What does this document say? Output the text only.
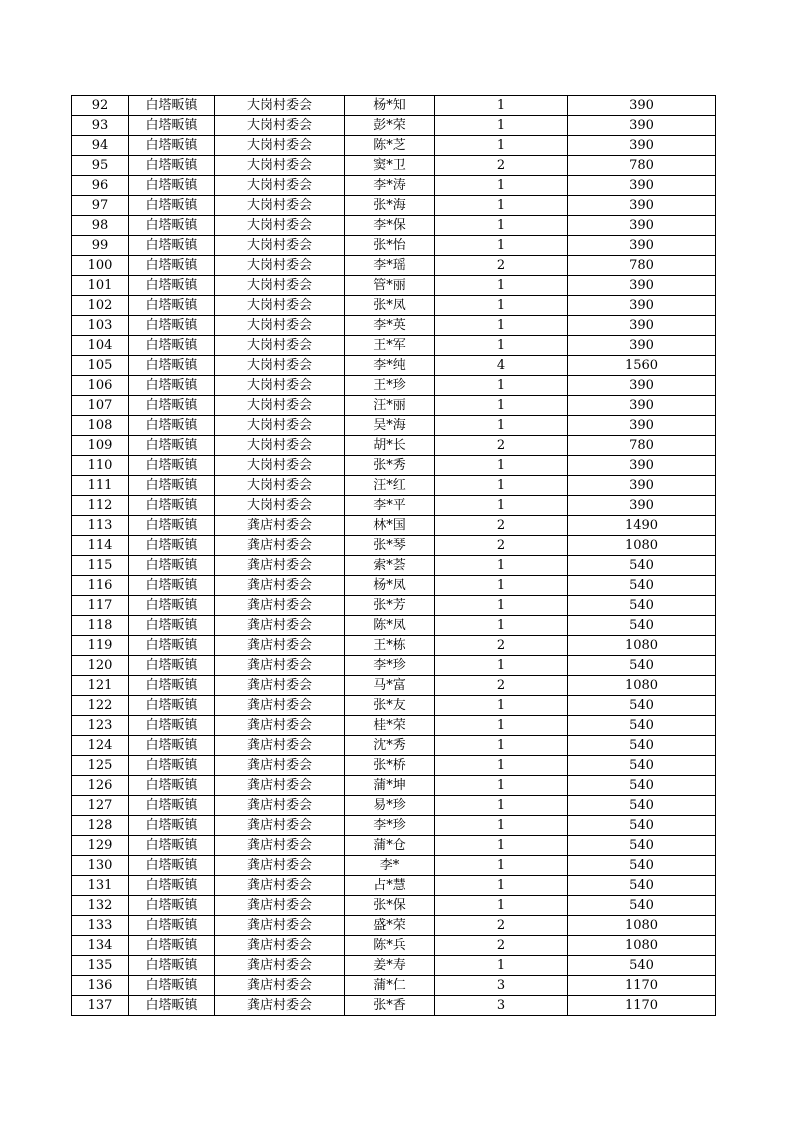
92	白塔畈镇	大岗村委会	杨*知	1	390
93	白塔畈镇	大岗村委会	彭*荣	1	390
94	白塔畈镇	大岗村委会	陈*芝	1	390
95	白塔畈镇	大岗村委会	窦*卫	2	780
96	白塔畈镇	大岗村委会	李*涛	1	390
97	白塔畈镇	大岗村委会	张*海	1	390
98	白塔畈镇	大岗村委会	李*保	1	390
99	白塔畈镇	大岗村委会	张*怡	1	390
100	白塔畈镇	大岗村委会	李*瑶	2	780
101	白塔畈镇	大岗村委会	管*丽	1	390
102	白塔畈镇	大岗村委会	张*凤	1	390
103	白塔畈镇	大岗村委会	李*英	1	390
104	白塔畈镇	大岗村委会	王*军	1	390
105	白塔畈镇	大岗村委会	李*纯	4	1560
106	白塔畈镇	大岗村委会	王*珍	1	390
107	白塔畈镇	大岗村委会	汪*丽	1	390
108	白塔畈镇	大岗村委会	吴*海	1	390
109	白塔畈镇	大岗村委会	胡*长	2	780
110	白塔畈镇	大岗村委会	张*秀	1	390
111	白塔畈镇	大岗村委会	汪*红	1	390
112	白塔畈镇	大岗村委会	李*平	1	390
113	白塔畈镇	龚店村委会	林*国	2	1490
114	白塔畈镇	龚店村委会	张*琴	2	1080
115	白塔畈镇	龚店村委会	索*荟	1	540
116	白塔畈镇	龚店村委会	杨*凤	1	540
117	白塔畈镇	龚店村委会	张*芳	1	540
118	白塔畈镇	龚店村委会	陈*凤	1	540
119	白塔畈镇	龚店村委会	王*栋	2	1080
120	白塔畈镇	龚店村委会	李*珍	1	540
121	白塔畈镇	龚店村委会	马*富	2	1080
122	白塔畈镇	龚店村委会	张*友	1	540
123	白塔畈镇	龚店村委会	桂*荣	1	540
124	白塔畈镇	龚店村委会	沈*秀	1	540
125	白塔畈镇	龚店村委会	张*桥	1	540
126	白塔畈镇	龚店村委会	蒲*坤	1	540
127	白塔畈镇	龚店村委会	易*珍	1	540
128	白塔畈镇	龚店村委会	李*珍	1	540
129	白塔畈镇	龚店村委会	蒲*仓	1	540
130	白塔畈镇	龚店村委会	李*	1	540
131	白塔畈镇	龚店村委会	占*慧	1	540
132	白塔畈镇	龚店村委会	张*保	1	540
133	白塔畈镇	龚店村委会	盛*荣	2	1080
134	白塔畈镇	龚店村委会	陈*兵	2	1080
135	白塔畈镇	龚店村委会	姜*寿	1	540
136	白塔畈镇	龚店村委会	蒲*仁	3	1170
137	白塔畈镇	龚店村委会	张*香	3	1170
